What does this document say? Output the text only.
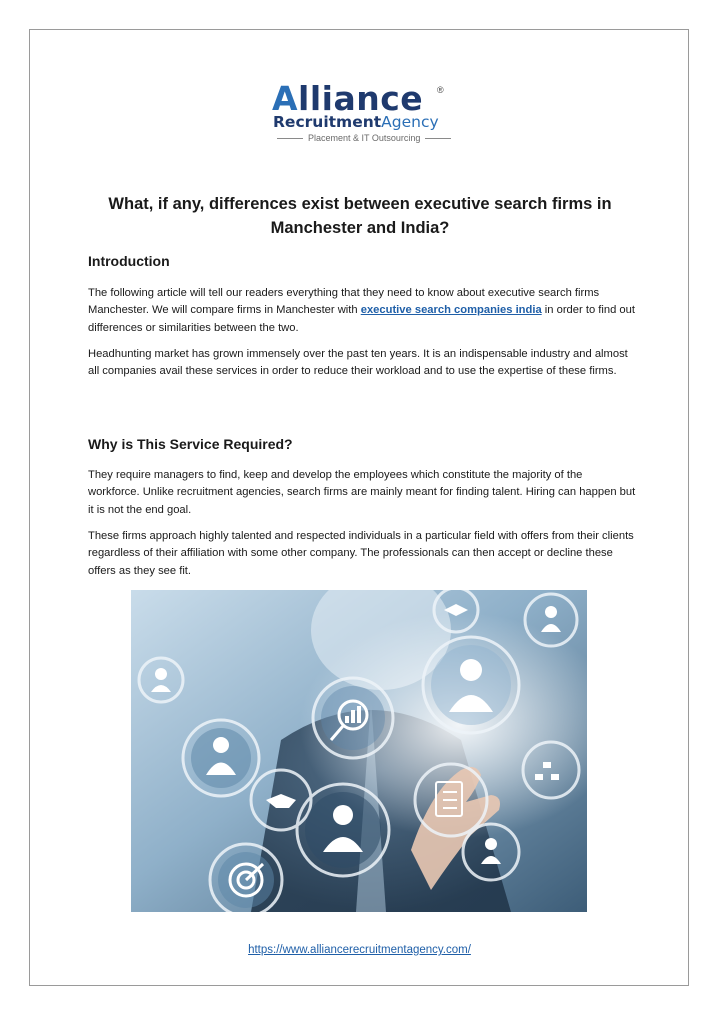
Alliance
RecruitmentAgency
Placement & IT Outsourcing
®
What, if any, differences exist between executive search firms in Manchester and India?
Introduction

The following article will tell our readers everything that they need to know about executive search firms Manchester. We will compare firms in Manchester with executive search companies india in order to find out differences or similarities between the two.

Headhunting market has grown immensely over the past ten years. It is an indispensable industry and almost all companies avail these services in order to reduce their workload and to use the expertise of these firms.

Why is This Service Required?

They require managers to find, keep and develop the employees which constitute the majority of the workforce. Unlike recruitment agencies, search firms are mainly meant for finding talent. Hiring can happen but it is not the end goal.

These firms approach highly talented and respected individuals in a particular field with offers from their clients regardless of their affiliation with some other company. The professionals can then accept or decline these offers as they see fit.

https://www.alliancerecruitmentagency.com/
